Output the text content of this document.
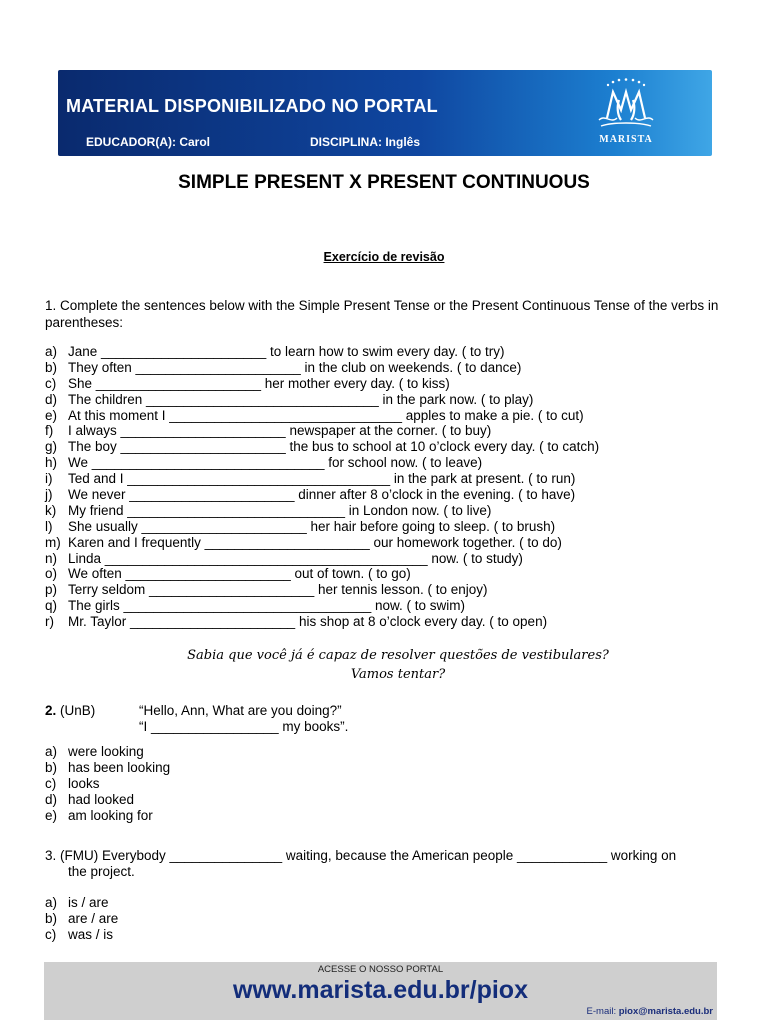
MATERIAL DISPONIBILIZADO NO PORTAL
EDUCADOR(A): Carol	DISCIPLINA: Inglês	MARISTA
SIMPLE PRESENT X PRESENT CONTINUOUS
Exercício de revisão
1. Complete the sentences below with the Simple Present Tense or the Present Continuous Tense of the verbs in parentheses:
a) Jane ______________________ to learn how to swim every day. ( to try)
b) They often ______________________ in the club on weekends. ( to dance)
c) She ______________________ her mother every day. ( to kiss)
d) The children _______________________________ in the park now. ( to play)
e) At this moment I _______________________________ apples to make a pie. ( to cut)
f) I always ______________________ newspaper at the corner. ( to buy)
g) The boy ______________________ the bus to school at 10 o’clock every day. ( to catch)
h) We _______________________________ for school now. ( to leave)
i) Ted and I ___________________________________ in the park at present. ( to run)
j) We never ______________________ dinner after 8 o’clock in the evening. ( to have)
k) My friend _____________________________ in London now. ( to live)
l) She usually ______________________ her hair before going to sleep. ( to brush)
m) Karen and I frequently ______________________ our homework together. ( to do)
n) Linda ___________________________________________ now. ( to study)
o) We often ______________________ out of town. ( to go)
p) Terry seldom ______________________ her tennis lesson. ( to enjoy)
q) The girls _________________________________ now. ( to swim)
r) Mr. Taylor ______________________ his shop at 8 o’clock every day. ( to open)
Sabia que você já é capaz de resolver questões de vestibulares?
Vamos tentar?
2. (UnB)	“Hello, Ann, What are you doing?”
“I _________________ my books”.
a) were looking
b) has been looking
c) looks
d) had looked
e) am looking for
3. (FMU) Everybody _______________ waiting, because the American people ____________ working on
the project.
a) is / are
b) are / are
c) was / is
ACESSE O NOSSO PORTAL
www.marista.edu.br/piox
E-mail: piox@marista.edu.br
